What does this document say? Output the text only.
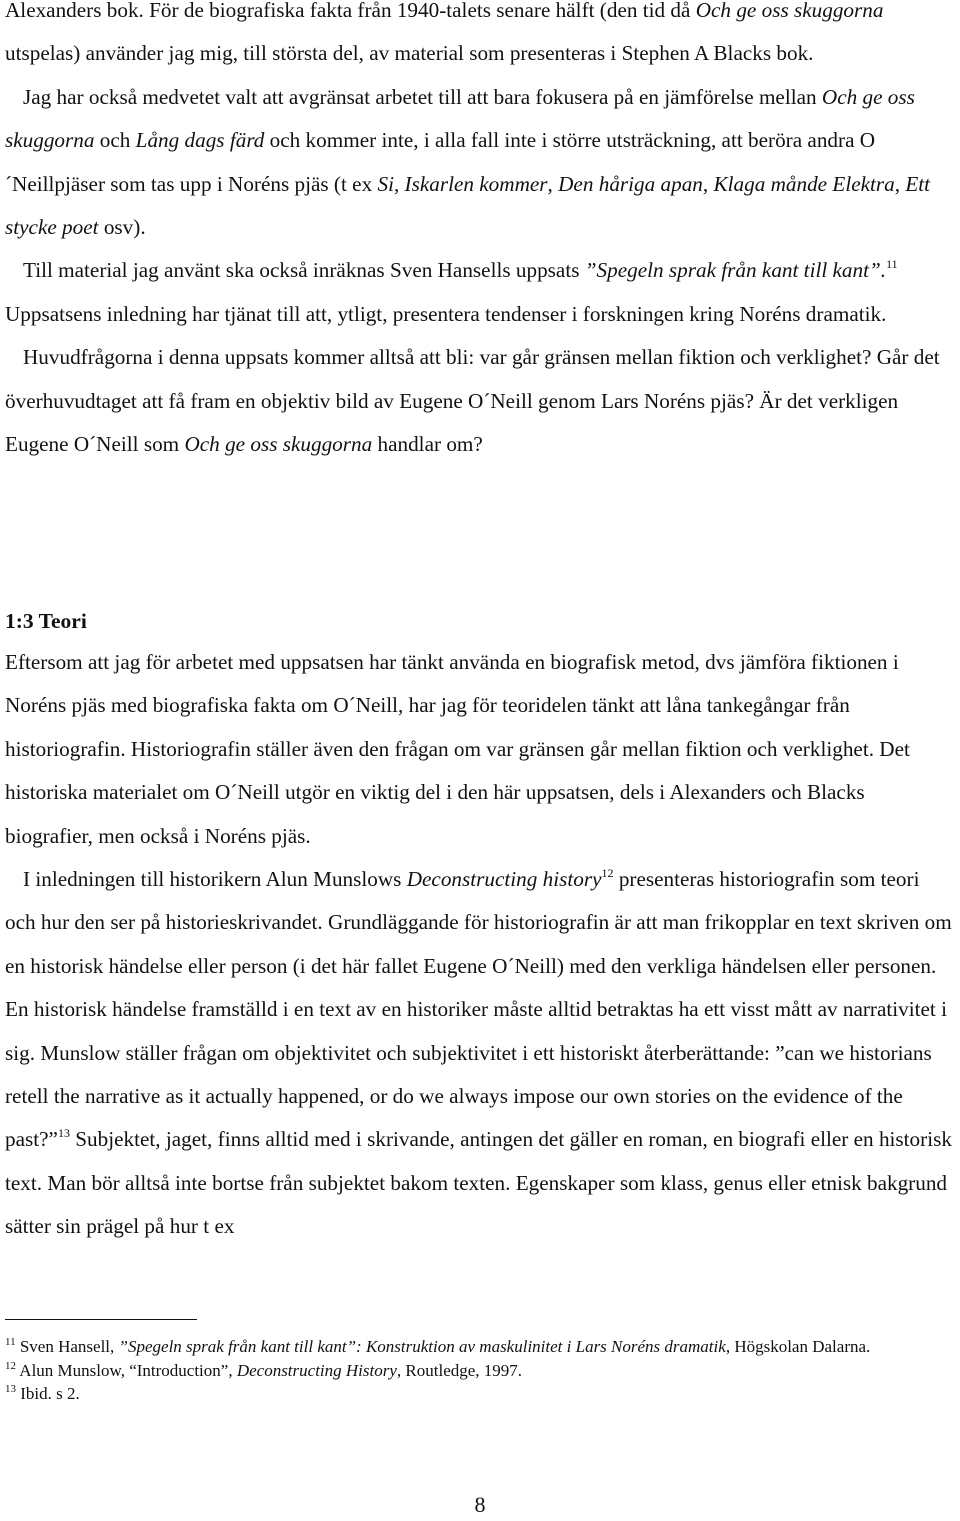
Alexanders bok. För de biografiska fakta från 1940-talets senare hälft (den tid då Och ge oss skuggorna utspelas) använder jag mig, till största del, av material som presenteras i Stephen A Blacks bok.

Jag har också medvetet valt att avgränsat arbetet till att bara fokusera på en jämförelse mellan Och ge oss skuggorna och Lång dags färd och kommer inte, i alla fall inte i större utsträckning, att beröra andra O´Neillpjäser som tas upp i Noréns pjäs (t ex Si, Iskarlen kommer, Den håriga apan, Klaga månde Elektra, Ett stycke poet osv).

Till material jag använt ska också inräknas Sven Hansells uppsats ”Spegeln sprak från kant till kant”.$^{11}$ Uppsatsens inledning har tjänat till att, ytligt, presentera tendenser i forskningen kring Noréns dramatik.

Huvudfrågorna i denna uppsats kommer alltså att bli: var går gränsen mellan fiktion och verklighet? Går det överhuvudtaget att få fram en objektiv bild av Eugene O´Neill genom Lars Noréns pjäs? Är det verkligen Eugene O´Neill som Och ge oss skuggorna handlar om?

1:3 Teori

Eftersom att jag för arbetet med uppsatsen har tänkt använda en biografisk metod, dvs jämföra fiktionen i Noréns pjäs med biografiska fakta om O´Neill, har jag för teoridelen tänkt att låna tankegångar från historiografin. Historiografin ställer även den frågan om var gränsen går mellan fiktion och verklighet. Det historiska materialet om O´Neill utgör en viktig del i den här uppsatsen, dels i Alexanders och Blacks biografier, men också i Noréns pjäs.

I inledningen till historikern Alun Munslows Deconstructing history$^{12}$ presenteras historiografin som teori och hur den ser på historieskrivandet. Grundläggande för historiografin är att man frikopplar en text skriven om en historisk händelse eller person (i det här fallet Eugene O´Neill) med den verkliga händelsen eller personen. En historisk händelse framställd i en text av en historiker måste alltid betraktas ha ett visst mått av narrativitet i sig. Munslow ställer frågan om objektivitet och subjektivitet i ett historiskt återberättande: ”can we historians retell the narrative as it actually happened, or do we always impose our own stories on the evidence of the past?”$^{13}$ Subjektet, jaget, finns alltid med i skrivande, antingen det gäller en roman, en biografi eller en historisk text. Man bör alltså inte bortse från subjektet bakom texten. Egenskaper som klass, genus eller etnisk bakgrund sätter sin prägel på hur t ex

$^{11}$ Sven Hansell, ”Spegeln sprak från kant till kant”: Konstruktion av maskulinitet i Lars Noréns dramatik, Högskolan Dalarna.

$^{12}$ Alun Munslow, “Introduction”, Deconstructing History, Routledge, 1997.

$^{13}$ Ibid. s 2.

8
